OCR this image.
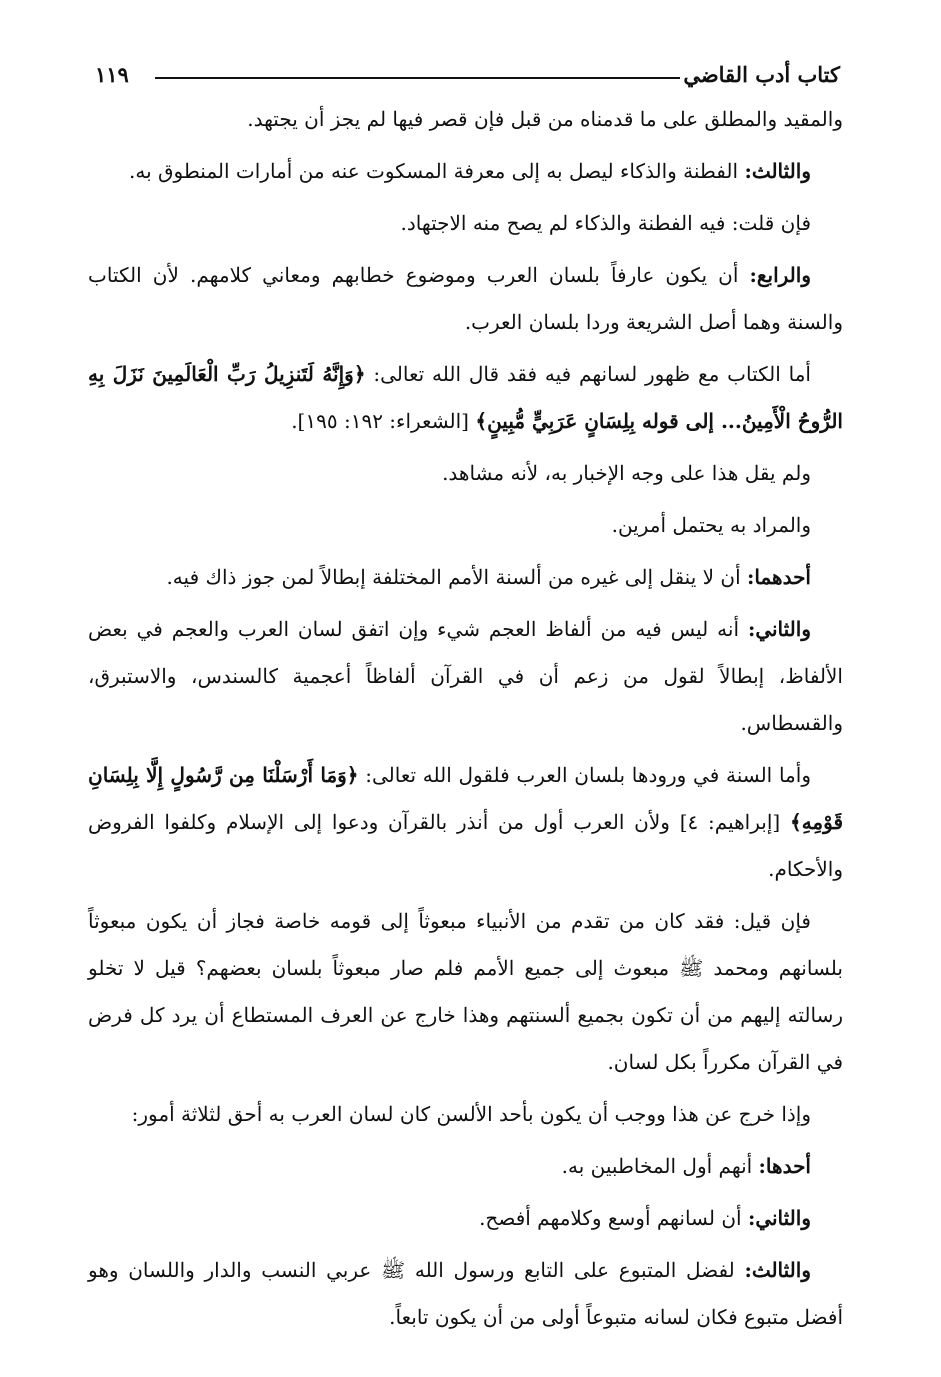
كتاب أدب القاضي
١١٩

والمقيد والمطلق على ما قدمناه من قبل فإن قصر فيها لم يجز أن يجتهد.

والثالث: الفطنة والذكاء ليصل به إلى معرفة المسكوت عنه من أمارات المنطوق به.

فإن قلت: فيه الفطنة والذكاء لم يصح منه الاجتهاد.

والرابع: أن يكون عارفاً بلسان العرب وموضوع خطابهم ومعاني كلامهم. لأن الكتاب والسنة وهما أصل الشريعة وردا بلسان العرب.

أما الكتاب مع ظهور لسانهم فيه فقد قال الله تعالى: ﴿وَإِنَّهُ لَتَنزِيلُ رَبِّ الْعَالَمِينَ نَزَلَ بِهِ الرُّوحُ الْأَمِينُ... إلى قوله بِلِسَانٍ عَرَبِيٍّ مُّبِينٍ﴾ [الشعراء: ١٩٢: ١٩٥].

ولم يقل هذا على وجه الإخبار به، لأنه مشاهد.

والمراد به يحتمل أمرين.

أحدهما: أن لا ينقل إلى غيره من ألسنة الأمم المختلفة إبطالاً لمن جوز ذاك فيه.

والثاني: أنه ليس فيه من ألفاظ العجم شيء وإن اتفق لسان العرب والعجم في بعض الألفاظ، إبطالاً لقول من زعم أن في القرآن ألفاظاً أعجمية كالسندس، والاستبرق، والقسطاس.

وأما السنة في ورودها بلسان العرب فلقول الله تعالى: ﴿وَمَا أَرْسَلْنَا مِن رَّسُولٍ إِلَّا بِلِسَانِ قَوْمِهِ﴾ [إبراهيم: ٤] ولأن العرب أول من أنذر بالقرآن ودعوا إلى الإسلام وكلفوا الفروض والأحكام.

فإن قيل: فقد كان من تقدم من الأنبياء مبعوثاً إلى قومه خاصة فجاز أن يكون مبعوثاً بلسانهم ومحمد ﷺ مبعوث إلى جميع الأمم فلم صار مبعوثاً بلسان بعضهم؟ قيل لا تخلو رسالته إليهم من أن تكون بجميع ألسنتهم وهذا خارج عن العرف المستطاع أن يرد كل فرض في القرآن مكرراً بكل لسان.

وإذا خرج عن هذا ووجب أن يكون بأحد الألسن كان لسان العرب به أحق لثلاثة أمور:

أحدها: أنهم أول المخاطبين به.

والثاني: أن لسانهم أوسع وكلامهم أفصح.

والثالث: لفضل المتبوع على التابع ورسول الله ﷺ عربي النسب والدار واللسان وهو أفضل متبوع فكان لسانه متبوعاً أولى من أن يكون تابعاً.
